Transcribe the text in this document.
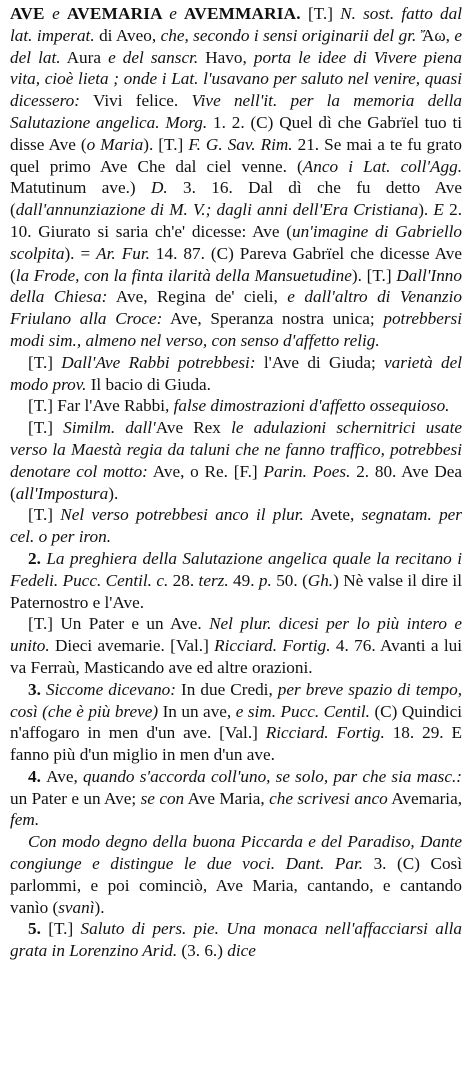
AVE e AVEMARIA e AVEMMARIA. [T.] N. sost. fatto dal lat. imperat. di Aveo, che, secondo i sensi originarii del gr. Ἄω, e del lat. Aura e del sanscr. Havo, porta le idee di Vivere piena vita, cioè lieta ; onde i Lat. l'usavano per saluto nel venire, quasi dicessero: Vivi felice. Vive nell'it. per la memoria della Salutazione angelica. Morg. 1. 2. (C) Quel dì che Gabrïel tuo ti disse Ave (o Maria). [T.] F. G. Sav. Rim. 21. Se mai a te fu grato quel primo Ave Che dal ciel venne. (Anco i Lat. coll'Agg. Matutinum ave.) D. 3. 16. Dal dì che fu detto Ave (dall'annunziazione di M. V.; dagli anni dell'Era Cristiana). E 2. 10. Giurato si saria ch'e' dicesse: Ave (un'imagine di Gabriello scolpita). = Ar. Fur. 14. 87. (C) Pareva Gabrïel che dicesse Ave (la Frode, con la finta ilarità della Mansuetudine). [T.] Dall'Inno della Chiesa: Ave, Regina de' cieli, e dall'altro di Venanzio Friulano alla Croce: Ave, Speranza nostra unica; potrebbersi modi sim., almeno nel verso, con senso d'affetto relig.

[T.] Dall'Ave Rabbi potrebbesi: l'Ave di Giuda; varietà del modo prov. Il bacio di Giuda.

[T.] Far l'Ave Rabbi, false dimostrazioni d'affetto ossequioso.

[T.] Similm. dall'Ave Rex le adulazioni schernitrici usate verso la Maestà regia da taluni che ne fanno traffico, potrebbesi denotare col motto: Ave, o Re. [F.] Parin. Poes. 2. 80. Ave Dea (all'Impostura).

[T.] Nel verso potrebbesi anco il plur. Avete, segnatam. per cel. o per iron.

2. La preghiera della Salutazione angelica quale la recitano i Fedeli. Pucc. Centil. c. 28. terz. 49. p. 50. (Gh.) Nè valse il dire il Paternostro e l'Ave.

[T.] Un Pater e un Ave. Nel plur. dicesi per lo più intero e unito. Dieci avemarie. [Val.] Ricciard. Fortig. 4. 76. Avanti a lui va Ferraù, Masticando ave ed altre orazioni.

3. Siccome dicevano: In due Credi, per breve spazio di tempo, così (che è più breve) In un ave, e sim. Pucc. Centil. (C) Quindici n'affogaro in men d'un ave. [Val.] Ricciard. Fortig. 18. 29. E fanno più d'un miglio in men d'un ave.

4. Ave, quando s'accorda coll'uno, se solo, par che sia masc.: un Pater e un Ave; se con Ave Maria, che scrivesi anco Avemaria, fem.

Con modo degno della buona Piccarda e del Paradiso, Dante congiunge e distingue le due voci. Dant. Par. 3. (C) Così parlommi, e poi cominciò, Ave Maria, cantando, e cantando vanìo (svanì).

5. [T.] Saluto di pers. pie. Una monaca nell'affacciarsi alla grata in Lorenzino Arid. (3. 6.) dice
